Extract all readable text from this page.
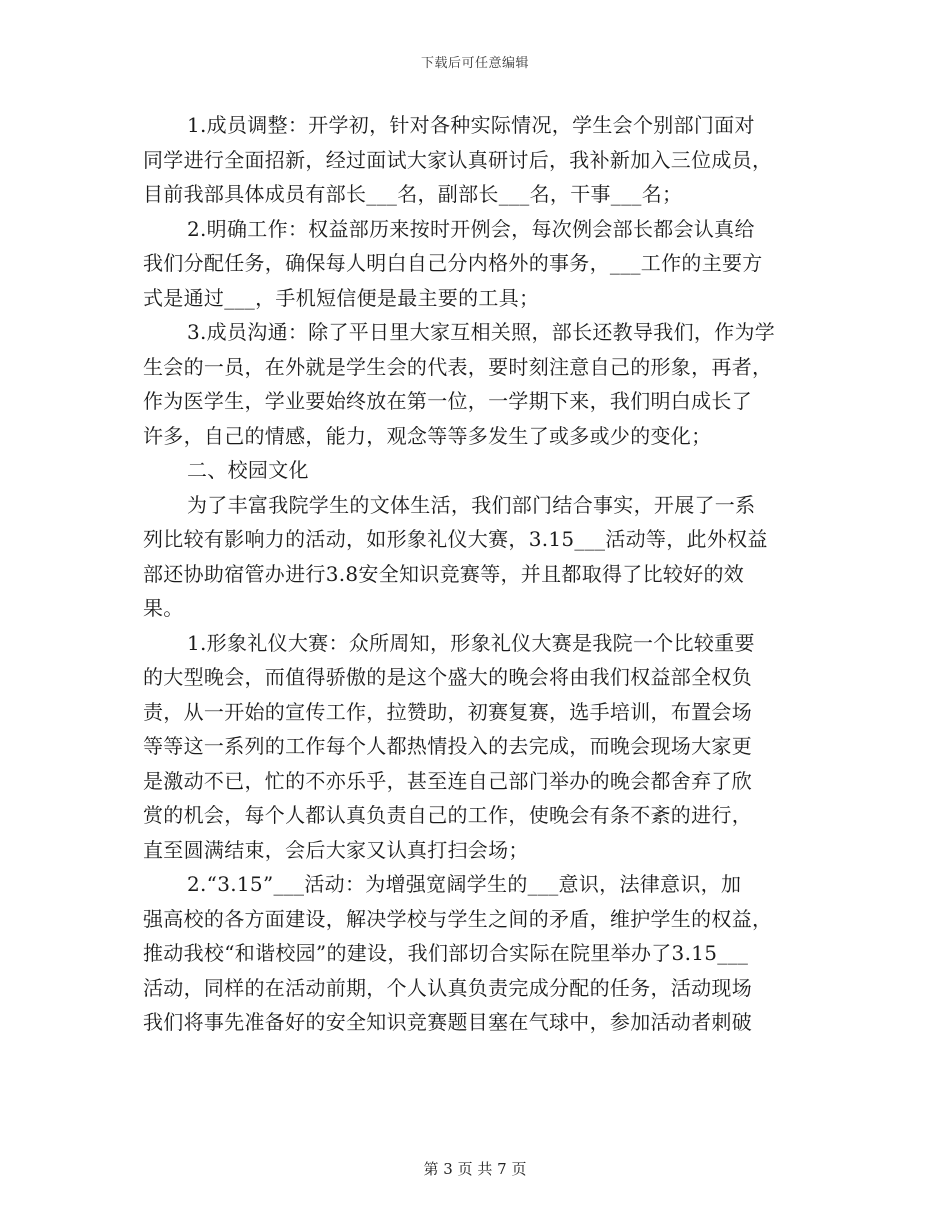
下载后可任意编辑
1.成员调整：开学初，针对各种实际情况，学生会个别部门面对
同学进行全面招新，经过面试大家认真研讨后，我补新加入三位成员，
目前我部具体成员有部长___名，副部长___名，干事___名；
2.明确工作：权益部历来按时开例会，每次例会部长都会认真给
我们分配任务，确保每人明白自己分内格外的事务，___工作的主要方
式是通过___，手机短信便是最主要的工具；
3.成员沟通：除了平日里大家互相关照，部长还教导我们，作为学
生会的一员，在外就是学生会的代表，要时刻注意自己的形象，再者，
作为医学生，学业要始终放在第一位，一学期下来，我们明白成长了
许多，自己的情感，能力，观念等等多发生了或多或少的变化；
二、校园文化
为了丰富我院学生的文体生活，我们部门结合事实，开展了一系
列比较有影响力的活动，如形象礼仪大赛，3.15___活动等，此外权益
部还协助宿管办进行3.8安全知识竞赛等，并且都取得了比较好的效
果。
1.形象礼仪大赛：众所周知，形象礼仪大赛是我院一个比较重要
的大型晚会，而值得骄傲的是这个盛大的晚会将由我们权益部全权负
责，从一开始的宣传工作，拉赞助，初赛复赛，选手培训，布置会场
等等这一系列的工作每个人都热情投入的去完成，而晚会现场大家更
是激动不已，忙的不亦乐乎，甚至连自己部门举办的晚会都舍弃了欣
赏的机会，每个人都认真负责自己的工作，使晚会有条不紊的进行，
直至圆满结束，会后大家又认真打扫会场；
2.“3.15”___活动：为增强宽阔学生的___意识，法律意识，加
强高校的各方面建设，解决学校与学生之间的矛盾，维护学生的权益，
推动我校“和谐校园”的建设，我们部切合实际在院里举办了3.15___
活动，同样的在活动前期，个人认真负责完成分配的任务，活动现场
我们将事先准备好的安全知识竞赛题目塞在气球中，参加活动者刺破
第 3 页 共 7 页
